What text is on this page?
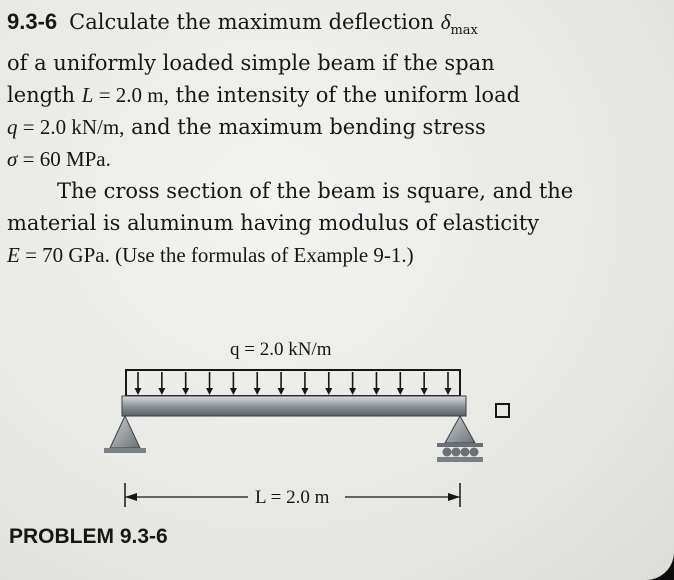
9.3-6 Calculate the maximum deflection $\delta_{max}$
of a uniformly loaded simple beam if the span
length L = 2.0 m, the intensity of the uniform load
q = 2.0 kN/m, and the maximum bending stress
σ = 60 MPa.
The cross section of the beam is square, and the
material is aluminum having modulus of elasticity
E = 70 GPa. (Use the formulas of Example 9-1.)
q = 2.0 kN/m
L = 2.0 m
PROBLEM 9.3-6
